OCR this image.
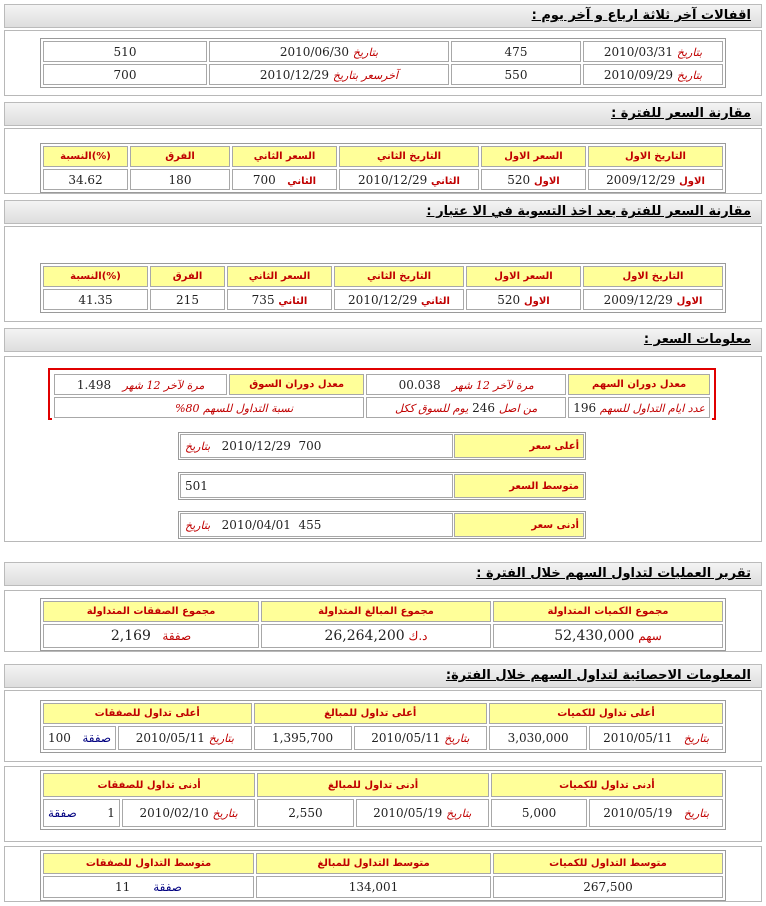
اقفالات آخر ثلاثة ارباع و آخر يوم :
بتاريخ 2010/03/31	475	بتاريخ 2010/06/30	510
بتاريخ 2010/09/29	550	آخرسعر بتاريخ 2010/12/29	700
مقارنة السعر للفترة :
التاريخ الاول	السعر الاول	التاريخ الثاني	السعر الثاني	الفرق	(%)النسبة
الاول 2009/12/29	الاول 520	الثاني 2010/12/29	الثاني   700	180	34.62
مقارنة السعر للفترة بعد اخذ التسوية في الا عتبار :
التاريخ الاول	السعر الاول	التاريخ الثاني	السعر الثاني	الفرق	(%)النسبة
الاول 2009/12/29	الاول 520	الثاني 2010/12/29	الثاني 735	215	41.35
معلومات السعر :
معدل دوران السهم	مرة لآخر 12 شهر   00.038	معدل دوران السوق	مرة لآخر 12 شهر   1.498
عدد ايام التداول للسهم 196	من اصل 246 يوم للسوق ككل	نسبة التداول للسهم 80%	
أعلى سعر	700  2010/12/29   بتاريخ
متوسط السعر	501
أدنى سعر	455  2010/04/01   بتاريخ
تقرير العمليات لتداول السهم خلال الفترة :
مجموع الكميات المتداولة	مجموع المبالغ المتداولة	مجموع الصفقات المتداولة
سهم 52,430,000	د.ك 26,264,200	صفقة   2,169
المعلومات الاحصائية لتداول السهم خلال الفترة:
أعلى تداول للكميات		أعلى تداول للمبالغ		أعلى تداول للصفقات	
بتاريخ   2010/05/11	3,030,000	بتاريخ 2010/05/11	1,395,700	بتاريخ 2010/05/11	صفقة   100
أدنى تداول للكميات		أدنى تداول للمبالغ		أدنى تداول للصفقات	
بتاريخ   2010/05/19	5,000	بتاريخ 2010/05/19	2,550	بتاريخ 2010/02/10	1        صفقة
متوسط التداول للكميات	متوسط التداول للمبالغ	متوسط التداول للصفقات
267,500	134,001	صفقة      11
